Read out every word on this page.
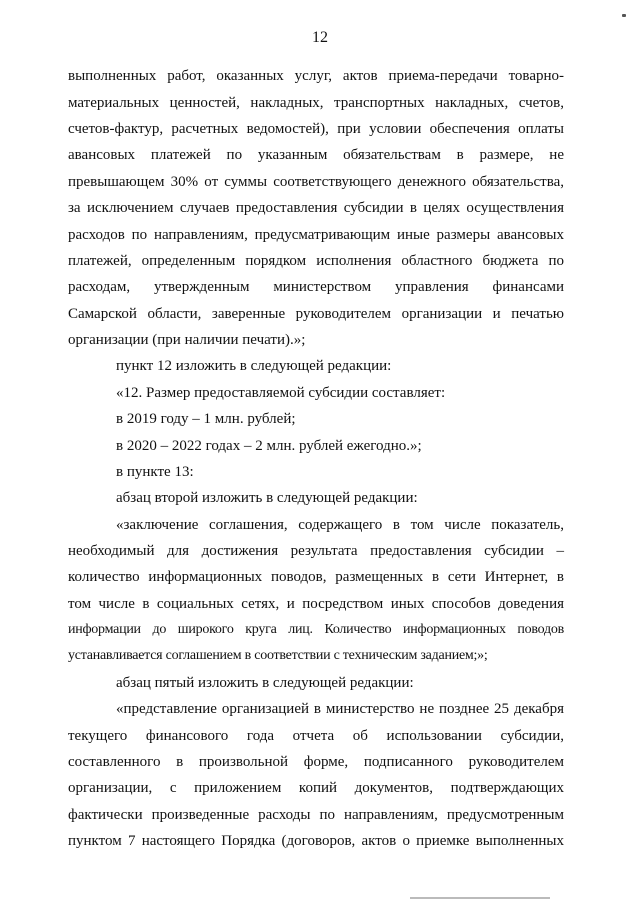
12
выполненных работ, оказанных услуг, актов приема-передачи товарно-
материальных ценностей, накладных, транспортных накладных, счетов,
счетов-фактур, расчетных ведомостей), при условии обеспечения оплаты
авансовых платежей по указанным обязательствам в размере, не
превышающем 30% от суммы соответствующего денежного обязательства,
за исключением случаев предоставления субсидии в целях осуществления
расходов по направлениям, предусматривающим иные размеры авансовых
платежей, определенным порядком исполнения областного бюджета по
расходам, утвержденным министерством управления финансами
Самарской области, заверенные руководителем организации и печатью
организации (при наличии печати).»;
пункт 12 изложить в следующей редакции:
«12. Размер предоставляемой субсидии составляет:
в 2019 году – 1 млн. рублей;
в 2020 – 2022 годах – 2 млн. рублей ежегодно.»;
в пункте 13:
абзац второй изложить в следующей редакции:
«заключение соглашения, содержащего в том числе показатель,
необходимый для достижения результата предоставления субсидии –
количество информационных поводов, размещенных в сети Интернет, в
том числе в социальных сетях, и посредством иных способов доведения
информации до широкого круга лиц. Количество информационных поводов
устанавливается соглашением в соответствии с техническим заданием;»;
абзац пятый изложить в следующей редакции:
«представление организацией в министерство не позднее 25 декабря
текущего финансового года отчета об использовании субсидии,
составленного в произвольной форме, подписанного руководителем
организации, с приложением копий документов, подтверждающих
фактически произведенные расходы по направлениям, предусмотренным
пунктом 7 настоящего Порядка (договоров, актов о приемке выполненных
